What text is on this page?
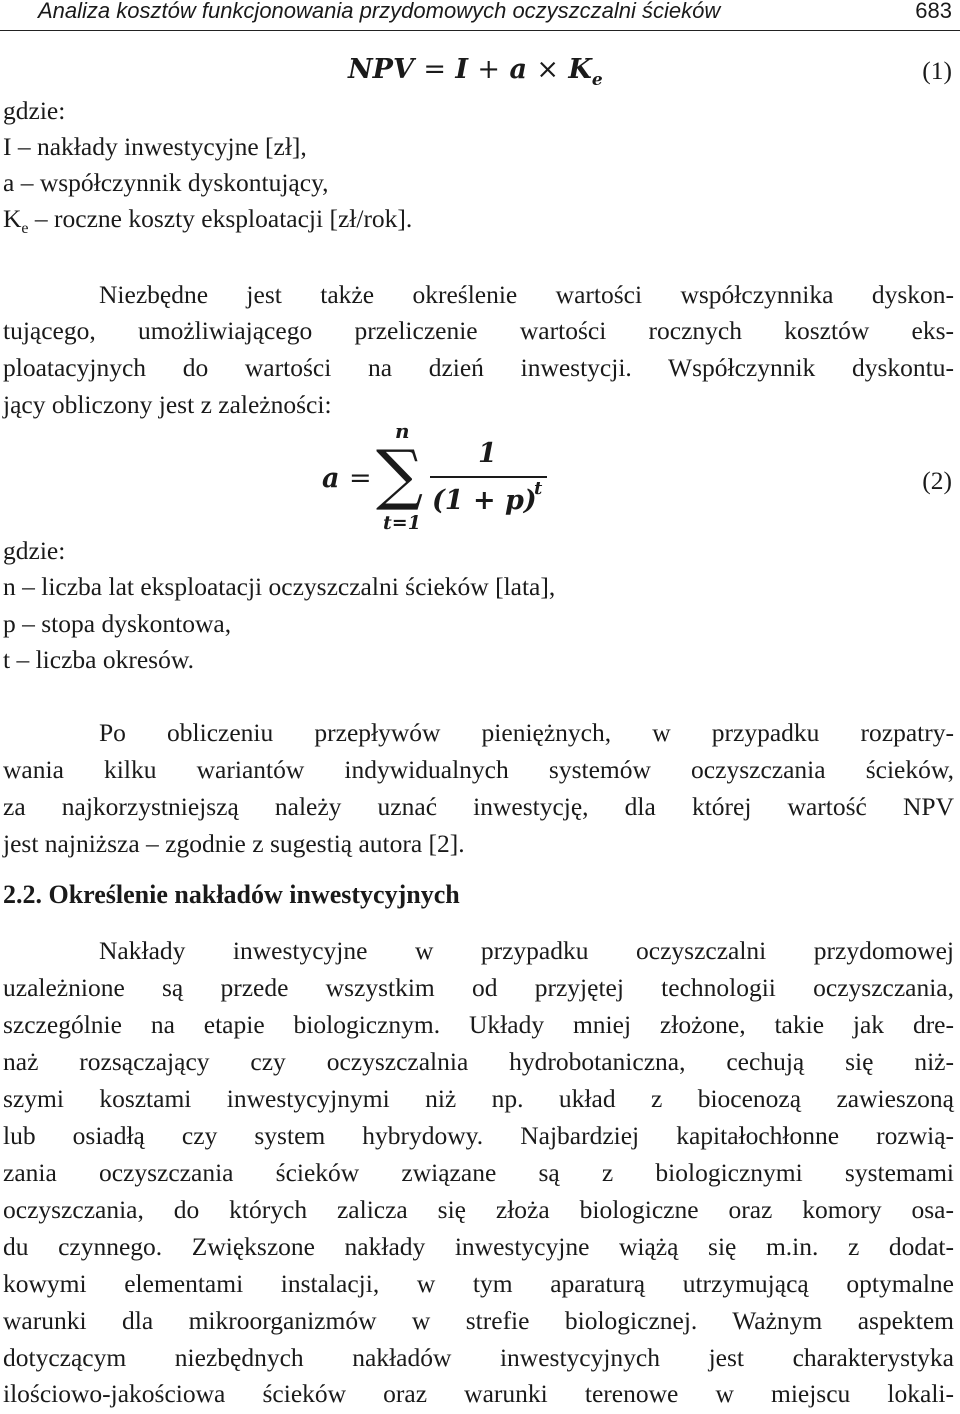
Analiza kosztów funkcjonowania przydomowych oczyszczalni ścieków	683
NPV = $I + a \times K_e$	(1)
gdzie:
I – nakłady inwestycyjne [zł],
a – współczynnik dyskontujący,
$K_e$ – roczne koszty eksploatacji [zł/rok].
Niezbędne jest także określenie wartości współczynnika dyskon-
tującego, umożliwiającego przeliczenie wartości rocznych kosztów eks-
ploatacyjnych do wartości na dzień inwestycji. Współczynnik dyskontu-
jący obliczony jest z zależności:
a =
n
∑
t=1
1
(1 + p)
t	(2)
gdzie:
n – liczba lat eksploatacji oczyszczalni ścieków [lata],
p – stopa dyskontowa,
t – liczba okresów.
Po obliczeniu przepływów pieniężnych, w przypadku rozpatry-
wania kilku wariantów indywidualnych systemów oczyszczania ścieków,
za najkorzystniejszą należy uznać inwestycję, dla której wartość NPV
jest najniższa – zgodnie z sugestią autora [2].
2.2. Określenie nakładów inwestycyjnych
Nakłady inwestycyjne w przypadku oczyszczalni przydomowej
uzależnione są przede wszystkim od przyjętej technologii oczyszczania,
szczególnie na etapie biologicznym. Układy mniej złożone, takie jak dre-
naż rozsączający czy oczyszczalnia hydrobotaniczna, cechują się niż-
szymi kosztami inwestycyjnymi niż np. układ z biocenozą zawieszoną
lub osiadłą czy system hybrydowy. Najbardziej kapitałochłonne rozwią-
zania oczyszczania ścieków związane są z biologicznymi systemami
oczyszczania, do których zalicza się złoża biologiczne oraz komory osa-
du czynnego. Zwiększone nakłady inwestycyjne wiążą się m.in. z dodat-
kowymi elementami instalacji, w tym aparaturą utrzymującą optymalne
warunki dla mikroorganizmów w strefie biologicznej. Ważnym aspektem
dotyczącym niezbędnych nakładów inwestycyjnych jest charakterystyka
ilościowo-jakościowa ścieków oraz warunki terenowe w miejscu lokali-
